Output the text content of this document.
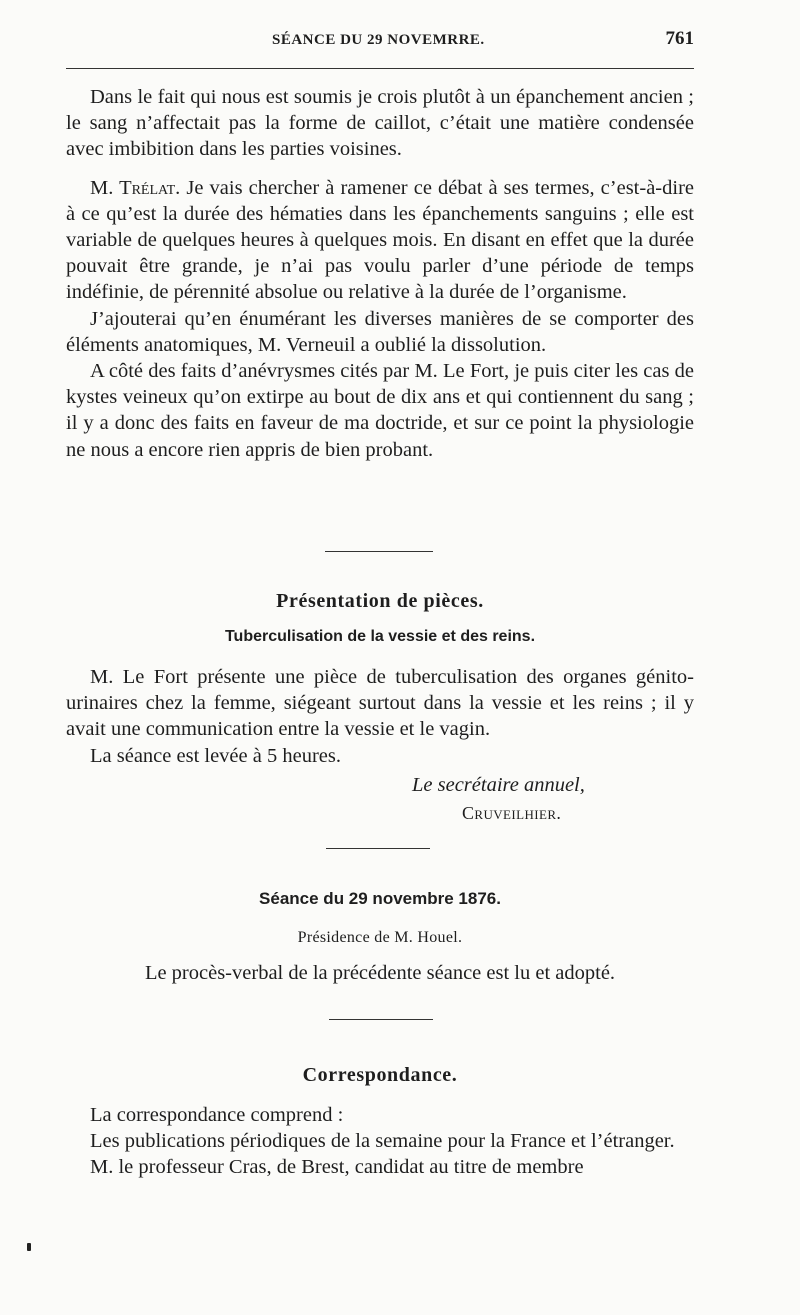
SÉANCE DU 29 NOVEMRRE.	761

Dans le fait qui nous est soumis je crois plutôt à un épanchement ancien ; le sang n’affectait pas la forme de caillot, c’était une matière condensée avec imbibition dans les parties voisines.

M. Trélat. Je vais chercher à ramener ce débat à ses termes, c’est-à-dire à ce qu’est la durée des hématies dans les épanchements sanguins ; elle est variable de quelques heures à quelques mois. En disant en effet que la durée pouvait être grande, je n’ai pas voulu parler d’une période de temps indéfinie, de pérennité absolue ou relative à la durée de l’organisme.

J’ajouterai qu’en énumérant les diverses manières de se comporter des éléments anatomiques, M. Verneuil a oublié la dissolution.

A côté des faits d’anévrysmes cités par M. Le Fort, je puis citer les cas de kystes veineux qu’on extirpe au bout de dix ans et qui contiennent du sang ; il y a donc des faits en faveur de ma doctride, et sur ce point la physiologie ne nous a encore rien appris de bien probant.

Présentation de pièces.
Tuberculisation de la vessie et des reins.

M. Le Fort présente une pièce de tuberculisation des organes génito-urinaires chez la femme, siégeant surtout dans la vessie et les reins ; il y avait une communication entre la vessie et le vagin.

La séance est levée à 5 heures.

Le secrétaire annuel,
Cruveilhier.
Séance du 29 novembre 1876.
Présidence de M. Houel.
Le procès-verbal de la précédente séance est lu et adopté.
Correspondance.

La correspondance comprend :

Les publications périodiques de la semaine pour la France et l’étranger.

M. le professeur Cras, de Brest, candidat au titre de membre
